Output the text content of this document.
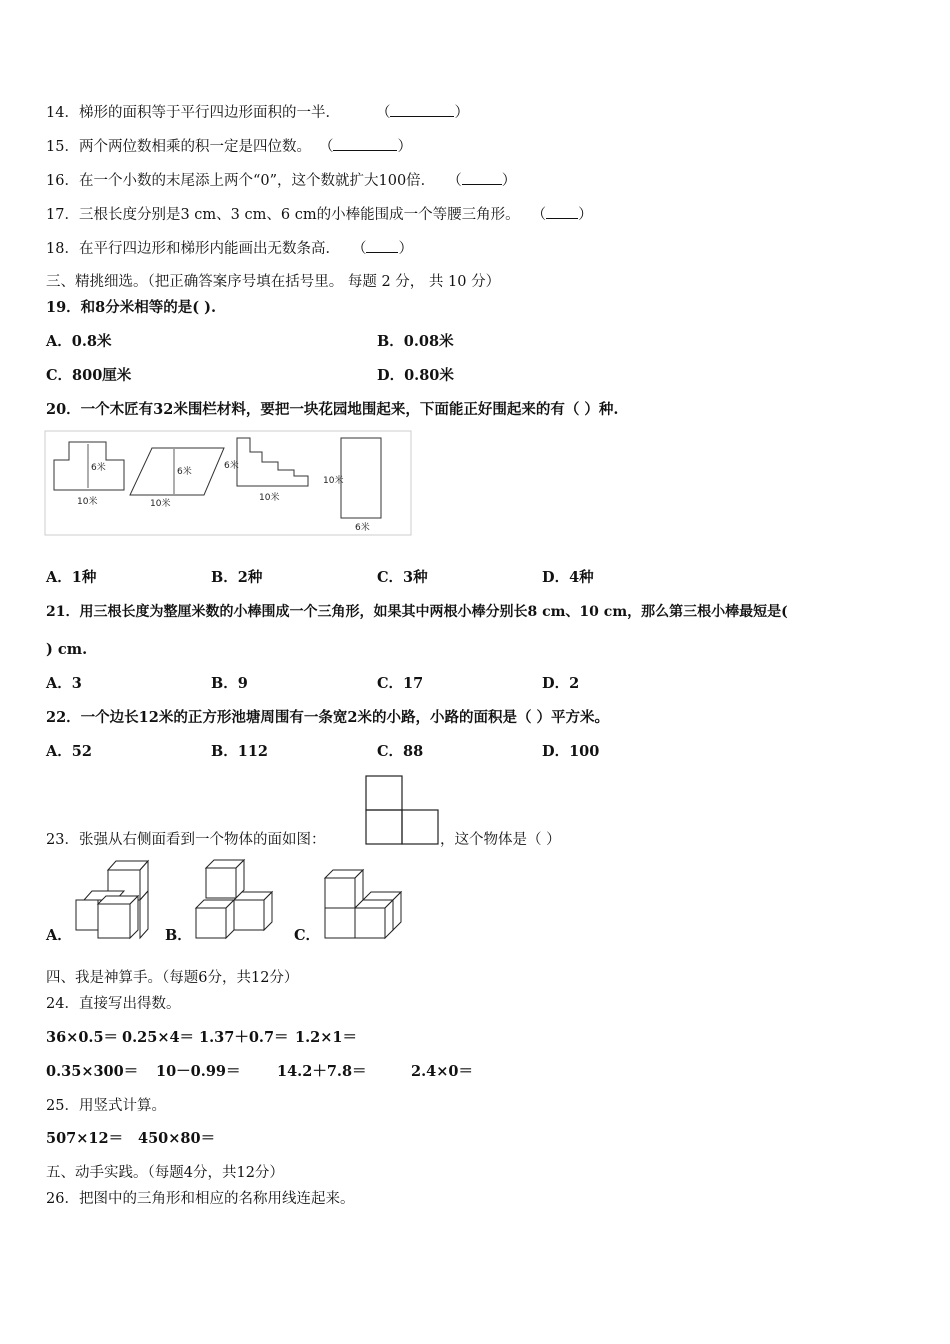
14．梯形的面积等于平行四边形面积的一半． （	）
15．两个两位数相乘的积一定是四位数。 （	）
16．在一个小数的末尾添上两个“0”，这个数就扩大100倍． （	）
17．三根长度分别是3 cm、3 cm、6 cm的小棒能围成一个等腰三角形。 （ ）
18．在平行四边形和梯形内能画出无数条高． （ ）
三、精挑细选。（把正确答案序号填在括号里。 每题 2 分， 共 10 分）
19．和8分米相等的是( ).
A．0.8米	B．0.08米
C．800厘米	D．0.80米
20．一个木匠有32米围栏材料，要把一块花园地围起来，下面能正好围起来的有（ ）种.
6米
10米
6米
10米
6米
10米
10米
6米
A．1种	B．2种	C．3种	D．4种
21．用三根长度为整厘米数的小棒围成一个三角形，如果其中两根小棒分别长8 cm、10 cm，那么第三根小棒最短是(
) cm.
A．3	B．9	C．17	D．2
22．一个边长12米的正方形池塘周围有一条宽2米的小路，小路的面积是（ ）平方米。
A．52	B．112	C．88	D．100
23．张强从右侧面看到一个物体的面如图：	，这个物体是（ ）
A．	B．	C．
四、我是神算手。（每题6分，共12分）
24．直接写出得数。
36×0.5＝ 0.25×4＝ 1.37＋0.7＝ 1.2×1＝
0.35×300＝ 10－0.99＝	14.2＋7.8＝	2.4×0＝
25．用竖式计算。
507×12＝ 450×80＝
五、动手实践。（每题4分，共12分）
26．把图中的三角形和相应的名称用线连起来。
